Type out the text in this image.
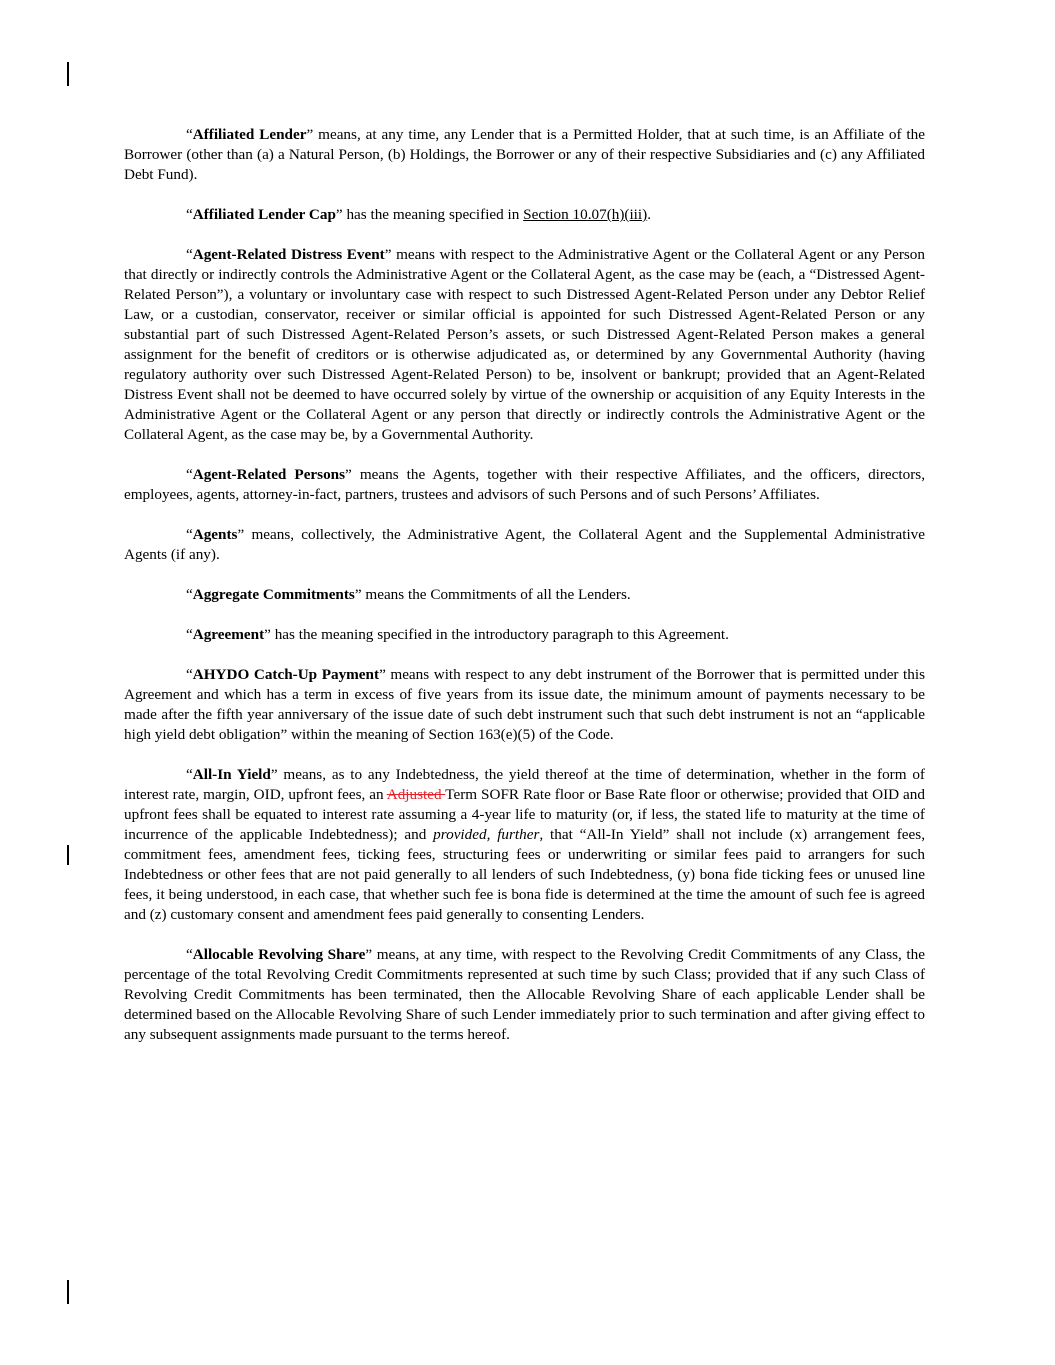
“Affiliated Lender” means, at any time, any Lender that is a Permitted Holder, that at such time, is an Affiliate of the Borrower (other than (a) a Natural Person, (b) Holdings, the Borrower or any of their respective Subsidiaries and (c) any Affiliated Debt Fund).

“Affiliated Lender Cap” has the meaning specified in Section 10.07(h)(iii).

“Agent-Related Distress Event” means with respect to the Administrative Agent or the Collateral Agent or any Person that directly or indirectly controls the Administrative Agent or the Collateral Agent, as the case may be (each, a “Distressed Agent-Related Person”), a voluntary or involuntary case with respect to such Distressed Agent-Related Person under any Debtor Relief Law, or a custodian, conservator, receiver or similar official is appointed for such Distressed Agent-Related Person or any substantial part of such Distressed Agent-Related Person’s assets, or such Distressed Agent-Related Person makes a general assignment for the benefit of creditors or is otherwise adjudicated as, or determined by any Governmental Authority (having regulatory authority over such Distressed Agent-Related Person) to be, insolvent or bankrupt; provided that an Agent-Related Distress Event shall not be deemed to have occurred solely by virtue of the ownership or acquisition of any Equity Interests in the Administrative Agent or the Collateral Agent or any person that directly or indirectly controls the Administrative Agent or the Collateral Agent, as the case may be, by a Governmental Authority.

“Agent-Related Persons” means the Agents, together with their respective Affiliates, and the officers, directors, employees, agents, attorney-in-fact, partners, trustees and advisors of such Persons and of such Persons’ Affiliates.

“Agents” means, collectively, the Administrative Agent, the Collateral Agent and the Supplemental Administrative Agents (if any).

“Aggregate Commitments” means the Commitments of all the Lenders.

“Agreement” has the meaning specified in the introductory paragraph to this Agreement.

“AHYDO Catch-Up Payment” means with respect to any debt instrument of the Borrower that is permitted under this Agreement and which has a term in excess of five years from its issue date, the minimum amount of payments necessary to be made after the fifth year anniversary of the issue date of such debt instrument such that such debt instrument is not an “applicable high yield debt obligation” within the meaning of Section 163(e)(5) of the Code.

“All-In Yield” means, as to any Indebtedness, the yield thereof at the time of determination, whether in the form of interest rate, margin, OID, upfront fees, an Adjusted Term SOFR Rate floor or Base Rate floor or otherwise; provided that OID and upfront fees shall be equated to interest rate assuming a 4-year life to maturity (or, if less, the stated life to maturity at the time of incurrence of the applicable Indebtedness); and provided, further, that “All-In Yield” shall not include (x) arrangement fees, commitment fees, amendment fees, ticking fees, structuring fees or underwriting or similar fees paid to arrangers for such Indebtedness or other fees that are not paid generally to all lenders of such Indebtedness, (y) bona fide ticking fees or unused line fees, it being understood, in each case, that whether such fee is bona fide is determined at the time the amount of such fee is agreed and (z) customary consent and amendment fees paid generally to consenting Lenders.

“Allocable Revolving Share” means, at any time, with respect to the Revolving Credit Commitments of any Class, the percentage of the total Revolving Credit Commitments represented at such time by such Class; provided that if any such Class of Revolving Credit Commitments has been terminated, then the Allocable Revolving Share of each applicable Lender shall be determined based on the Allocable Revolving Share of such Lender immediately prior to such termination and after giving effect to any subsequent assignments made pursuant to the terms hereof.
